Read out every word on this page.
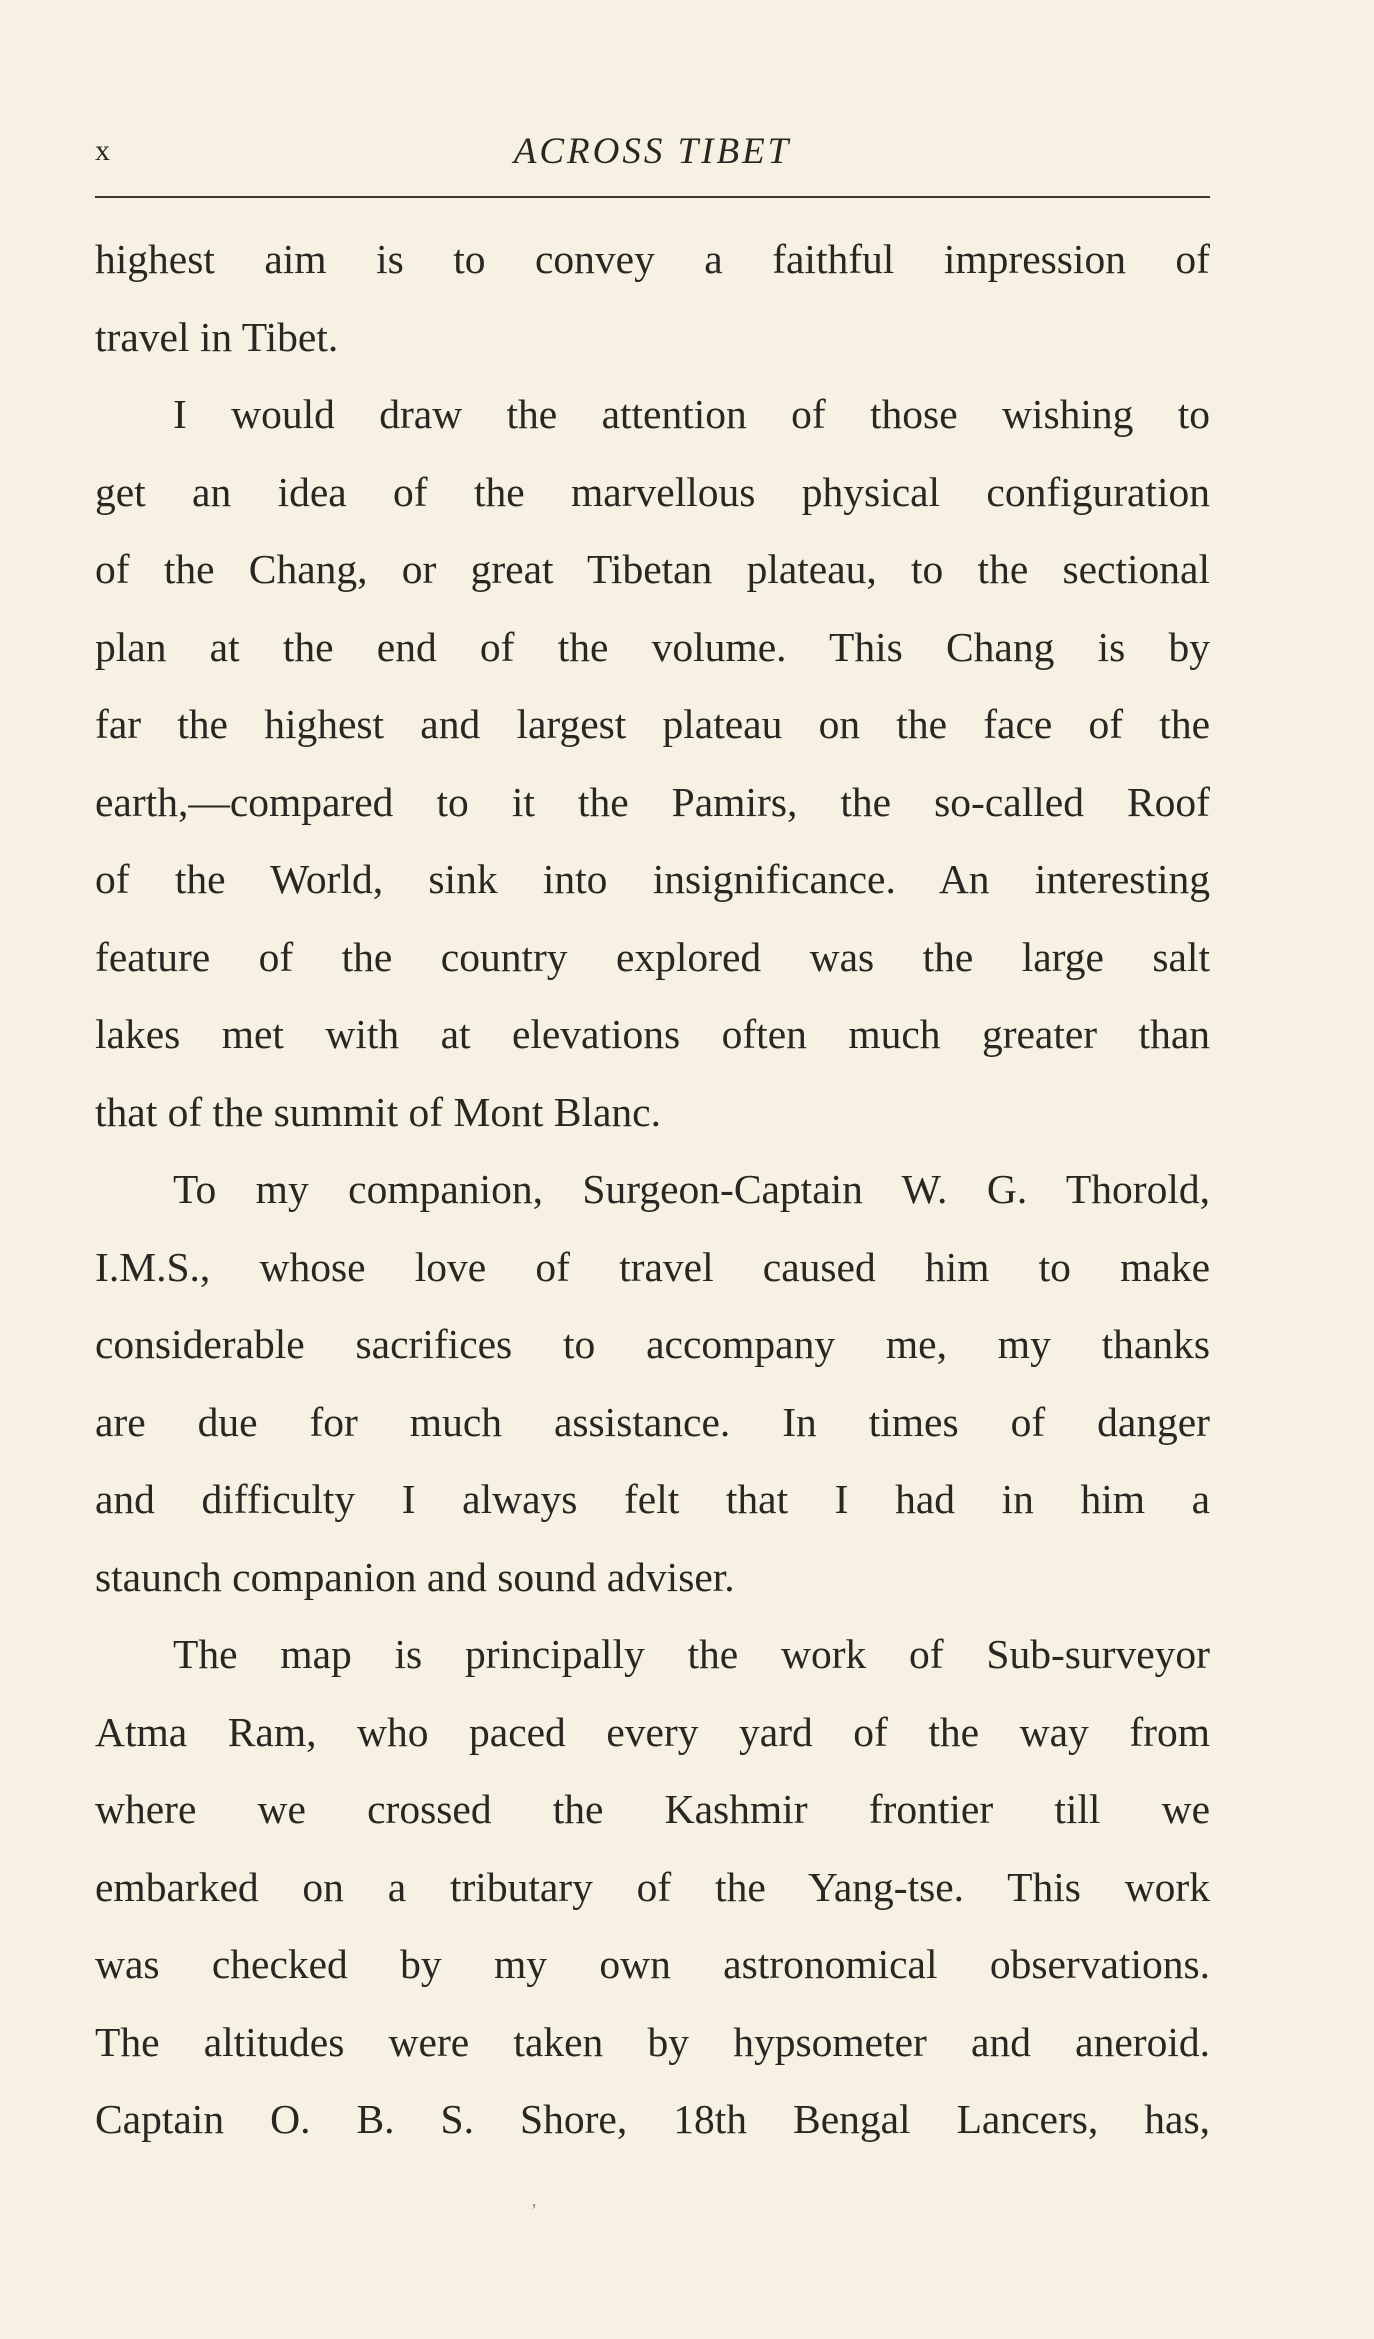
x	ACROSS TIBET
highest aim is to convey a faithful impression of
travel in Tibet.
I would draw the attention of those wishing to
get an idea of the marvellous physical configuration
of the Chang, or great Tibetan plateau, to the sectional
plan at the end of the volume. This Chang is by
far the highest and largest plateau on the face of the
earth,—compared to it the Pamirs, the so-called Roof
of the World, sink into insignificance. An interesting
feature of the country explored was the large salt
lakes met with at elevations often much greater than
that of the summit of Mont Blanc.
To my companion, Surgeon-Captain W. G. Thorold,
I.M.S., whose love of travel caused him to make
considerable sacrifices to accompany me, my thanks
are due for much assistance. In times of danger
and difficulty I always felt that I had in him a
staunch companion and sound adviser.
The map is principally the work of Sub-surveyor
Atma Ram, who paced every yard of the way from
where we crossed the Kashmir frontier till we
embarked on a tributary of the Yang-tse. This work
was checked by my own astronomical observations.
The altitudes were taken by hypsometer and aneroid.
Captain O. B. S. Shore, 18th Bengal Lancers, has,
’
